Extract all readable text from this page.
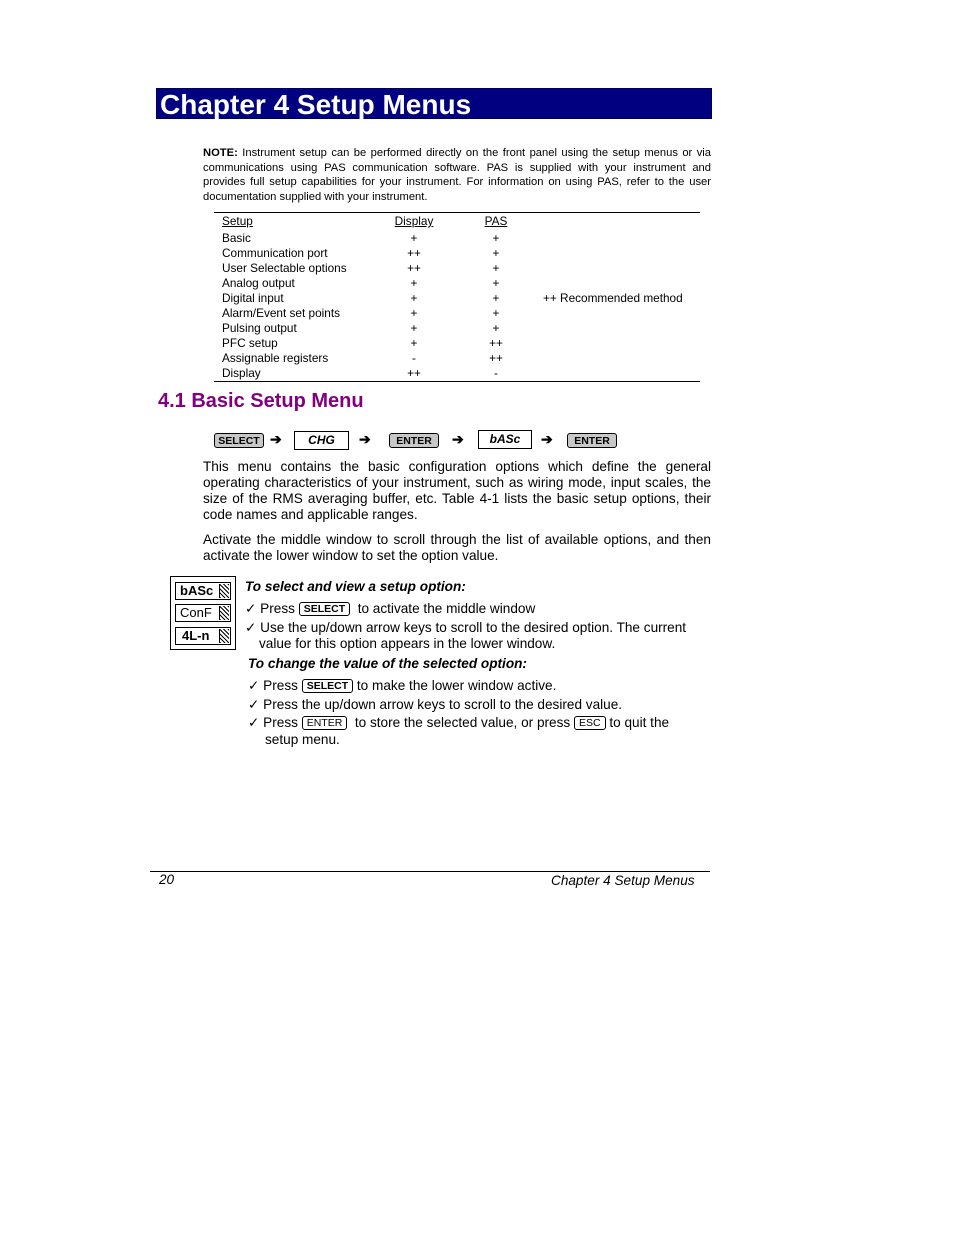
Chapter 4 Setup Menus
NOTE: Instrument setup can be performed directly on the front panel using the setup menus or via communications using PAS communication software. PAS is supplied with your instrument and provides full setup capabilities for your instrument. For information on using PAS, refer to the user documentation supplied with your instrument.
Setup	Display	PAS
Basic	+	+
Communication port	++	+
User Selectable options	++	+
Analog output	+	+
Digital input	+	+
Alarm/Event set points	+	+
Pulsing output	+	+
PFC setup	+	++
Assignable registers	-	++
Display	++	-
++ Recommended method
4.1 Basic Setup Menu
SELECT ➔	CHG	➔	ENTER	➔	bASc	➔	ENTER
This menu contains the basic configuration options which define the general operating characteristics of your instrument, such as wiring mode, input scales, the size of the RMS averaging buffer, etc. Table 4-1 lists the basic setup options, their code names and applicable ranges.
Activate the middle window to scroll through the list of available options, and then activate the lower window to set the option value.
bASc
ConF
4L-n
To select and view a setup option:
✓ Press SELECT to activate the middle window
✓ Use the up/down arrow keys to scroll to the desired option. The current
value for this option appears in the lower window.
To change the value of the selected option:
✓ Press SELECT to make the lower window active.
✓ Press the up/down arrow keys to scroll to the desired value.
✓ Press ENTER to store the selected value, or press ESC to quit the
setup menu.
20	Chapter 4 Setup Menus
